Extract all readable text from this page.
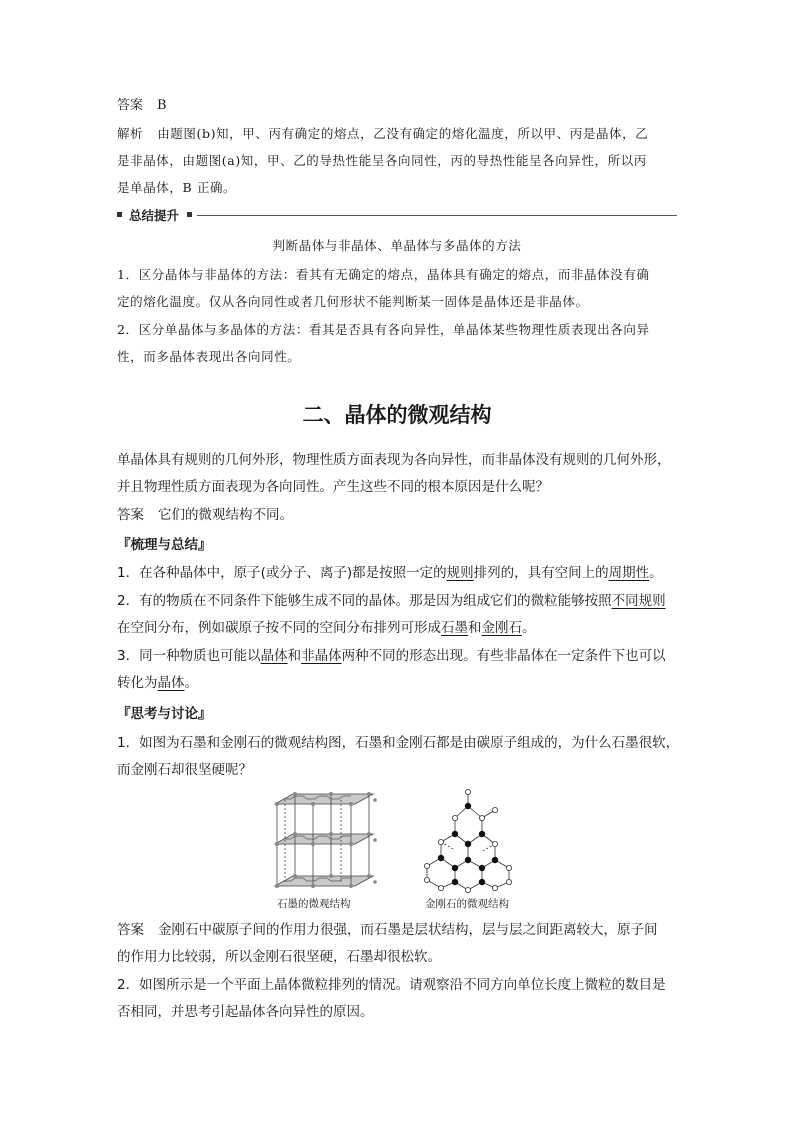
答案 B
解析 由题图(b)知，甲、丙有确定的熔点，乙没有确定的熔化温度，所以甲、丙是晶体，乙
是非晶体，由题图(a)知，甲、乙的导热性能呈各向同性，丙的导热性能呈各向异性，所以丙
是单晶体，B 正确。
总结提升
判断晶体与非晶体、单晶体与多晶体的方法
1．区分晶体与非晶体的方法：看其有无确定的熔点，晶体具有确定的熔点，而非晶体没有确
定的熔化温度。仅从各向同性或者几何形状不能判断某一固体是晶体还是非晶体。
2．区分单晶体与多晶体的方法：看其是否具有各向异性，单晶体某些物理性质表现出各向异
性，而多晶体表现出各向同性。
二、晶体的微观结构
单晶体具有规则的几何外形，物理性质方面表现为各向异性，而非晶体没有规则的几何外形，
并且物理性质方面表现为各向同性。产生这些不同的根本原因是什么呢？
答案 它们的微观结构不同。
『梳理与总结』
1．在各种晶体中，原子(或分子、离子)都是按照一定的规则排列的，具有空间上的周期性。
2．有的物质在不同条件下能够生成不同的晶体。那是因为组成它们的微粒能够按照不同规则
在空间分布，例如碳原子按不同的空间分布排列可形成石墨和金刚石。
3．同一种物质也可能以晶体和非晶体两种不同的形态出现。有些非晶体在一定条件下也可以
转化为晶体。
『思考与讨论』
1．如图为石墨和金刚石的微观结构图，石墨和金刚石都是由碳原子组成的，为什么石墨很软，
而金刚石却很坚硬呢？
石墨的微观结构	金刚石的微观结构
答案 金刚石中碳原子间的作用力很强，而石墨是层状结构，层与层之间距离较大，原子间
的作用力比较弱，所以金刚石很坚硬，石墨却很松软。
2．如图所示是一个平面上晶体微粒排列的情况。请观察沿不同方向单位长度上微粒的数目是
否相同，并思考引起晶体各向异性的原因。
